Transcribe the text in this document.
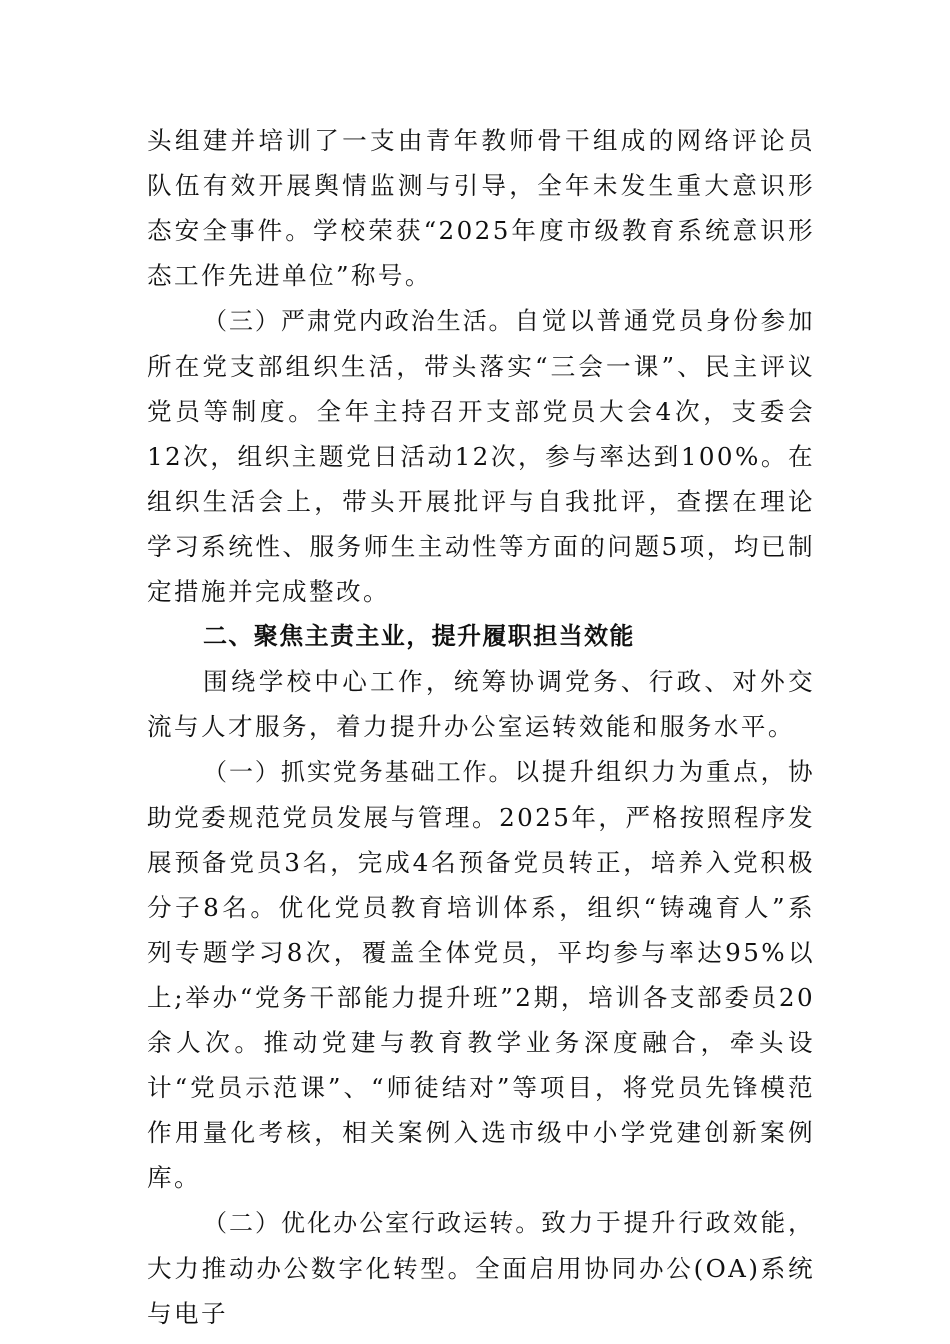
头组建并培训了一支由青年教师骨干组成的网络评论员队伍有效开展舆情监测与引导，全年未发生重大意识形态安全事件。学校荣获“2025年度市级教育系统意识形态工作先进单位”称号。

（三）严肃党内政治生活。自觉以普通党员身份参加所在党支部组织生活，带头落实“三会一课”、民主评议党员等制度。全年主持召开支部党员大会4次，支委会12次，组织主题党日活动12次，参与率达到100%。在组织生活会上，带头开展批评与自我批评，查摆在理论学习系统性、服务师生主动性等方面的问题5项，均已制定措施并完成整改。

二、聚焦主责主业，提升履职担当效能

围绕学校中心工作，统筹协调党务、行政、对外交流与人才服务，着力提升办公室运转效能和服务水平。

（一）抓实党务基础工作。以提升组织力为重点，协助党委规范党员发展与管理。2025年，严格按照程序发展预备党员3名，完成4名预备党员转正，培养入党积极分子8名。优化党员教育培训体系，组织“铸魂育人”系列专题学习8次，覆盖全体党员，平均参与率达95%以上;举办“党务干部能力提升班”2期，培训各支部委员20余人次。推动党建与教育教学业务深度融合，牵头设计“党员示范课”、“师徒结对”等项目，将党员先锋模范作用量化考核，相关案例入选市级中小学党建创新案例库。

（二）优化办公室行政运转。致力于提升行政效能，大力推动办公数字化转型。全面启用协同办公(OA)系统与电子
